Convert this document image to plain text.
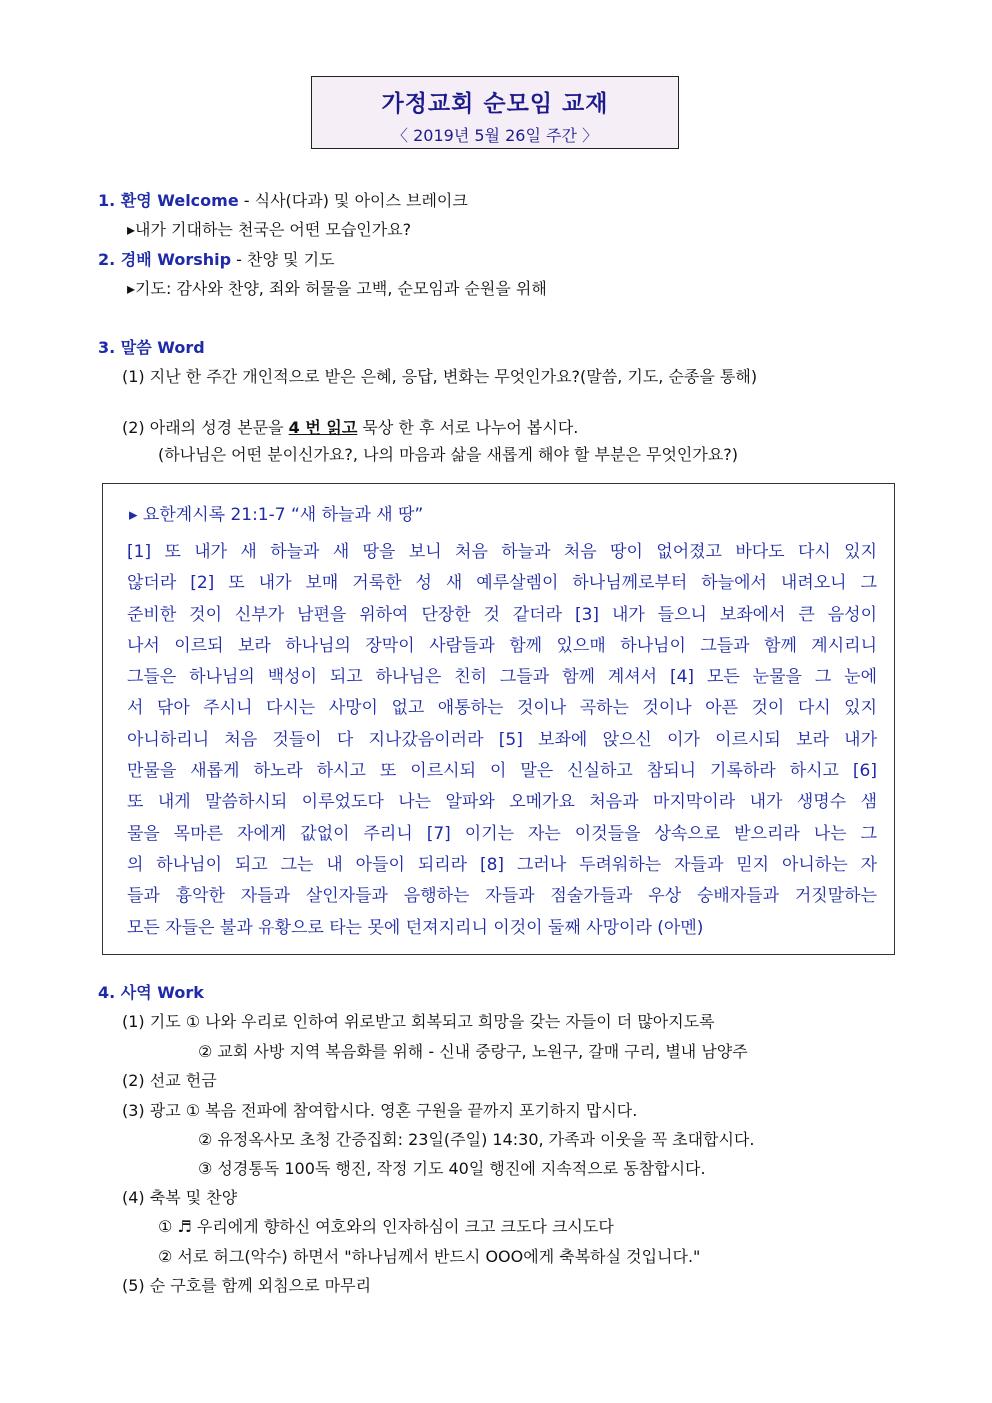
가정교회 순모임 교재
〈 2019년 5월 26일 주간 〉
1. 환영 Welcome - 식사(다과) 및 아이스 브레이크
▸내가 기대하는 천국은 어떤 모습인가요?
2. 경배 Worship - 찬양 및 기도
▸기도: 감사와 찬양, 죄와 허물을 고백, 순모임과 순원을 위해
3. 말씀 Word
(1) 지난 한 주간 개인적으로 받은 은혜, 응답, 변화는 무엇인가요?(말씀, 기도, 순종을 통해)
(2) 아래의 성경 본문을 4 번 읽고 묵상 한 후 서로 나누어 봅시다.
(하나님은 어떤 분이신가요?, 나의 마음과 삶을 새롭게 해야 할 부분은 무엇인가요?)
▸ 요한계시록 21:1-7 “새 하늘과 새 땅”
[1] 또 내가 새 하늘과 새 땅을 보니 처음 하늘과 처음 땅이 없어졌고 바다도 다시 있지
않더라 [2] 또 내가 보매 거룩한 성 새 예루살렘이 하나님께로부터 하늘에서 내려오니 그
준비한 것이 신부가 남편을 위하여 단장한 것 같더라 [3] 내가 들으니 보좌에서 큰 음성이
나서 이르되 보라 하나님의 장막이 사람들과 함께 있으매 하나님이 그들과 함께 계시리니
그들은 하나님의 백성이 되고 하나님은 친히 그들과 함께 계셔서 [4] 모든 눈물을 그 눈에
서 닦아 주시니 다시는 사망이 없고 애통하는 것이나 곡하는 것이나 아픈 것이 다시 있지
아니하리니 처음 것들이 다 지나갔음이러라 [5] 보좌에 앉으신 이가 이르시되 보라 내가
만물을 새롭게 하노라 하시고 또 이르시되 이 말은 신실하고 참되니 기록하라 하시고 [6]
또 내게 말씀하시되 이루었도다 나는 알파와 오메가요 처음과 마지막이라 내가 생명수 샘
물을 목마른 자에게 값없이 주리니 [7] 이기는 자는 이것들을 상속으로 받으리라 나는 그
의 하나님이 되고 그는 내 아들이 되리라 [8] 그러나 두려워하는 자들과 믿지 아니하는 자
들과 흉악한 자들과 살인자들과 음행하는 자들과 점술가들과 우상 숭배자들과 거짓말하는
모든 자들은 불과 유황으로 타는 못에 던져지리니 이것이 둘째 사망이라 (아멘)
4. 사역 Work
(1) 기도 ① 나와 우리로 인하여 위로받고 회복되고 희망을 갖는 자들이 더 많아지도록
② 교회 사방 지역 복음화를 위해 - 신내 중랑구, 노원구, 갈매 구리, 별내 남양주
(2) 선교 헌금
(3) 광고 ① 복음 전파에 참여합시다. 영혼 구원을 끝까지 포기하지 맙시다.
② 유정옥사모 초청 간증집회: 23일(주일) 14:30, 가족과 이웃을 꼭 초대합시다.
③ 성경통독 100독 행진, 작정 기도 40일 행진에 지속적으로 동참합시다.
(4) 축복 및 찬양
① ♬ 우리에게 향하신 여호와의 인자하심이 크고 크도다 크시도다
② 서로 허그(악수) 하면서 "하나님께서 반드시 OOO에게 축복하실 것입니다."
(5) 순 구호를 함께 외침으로 마무리
